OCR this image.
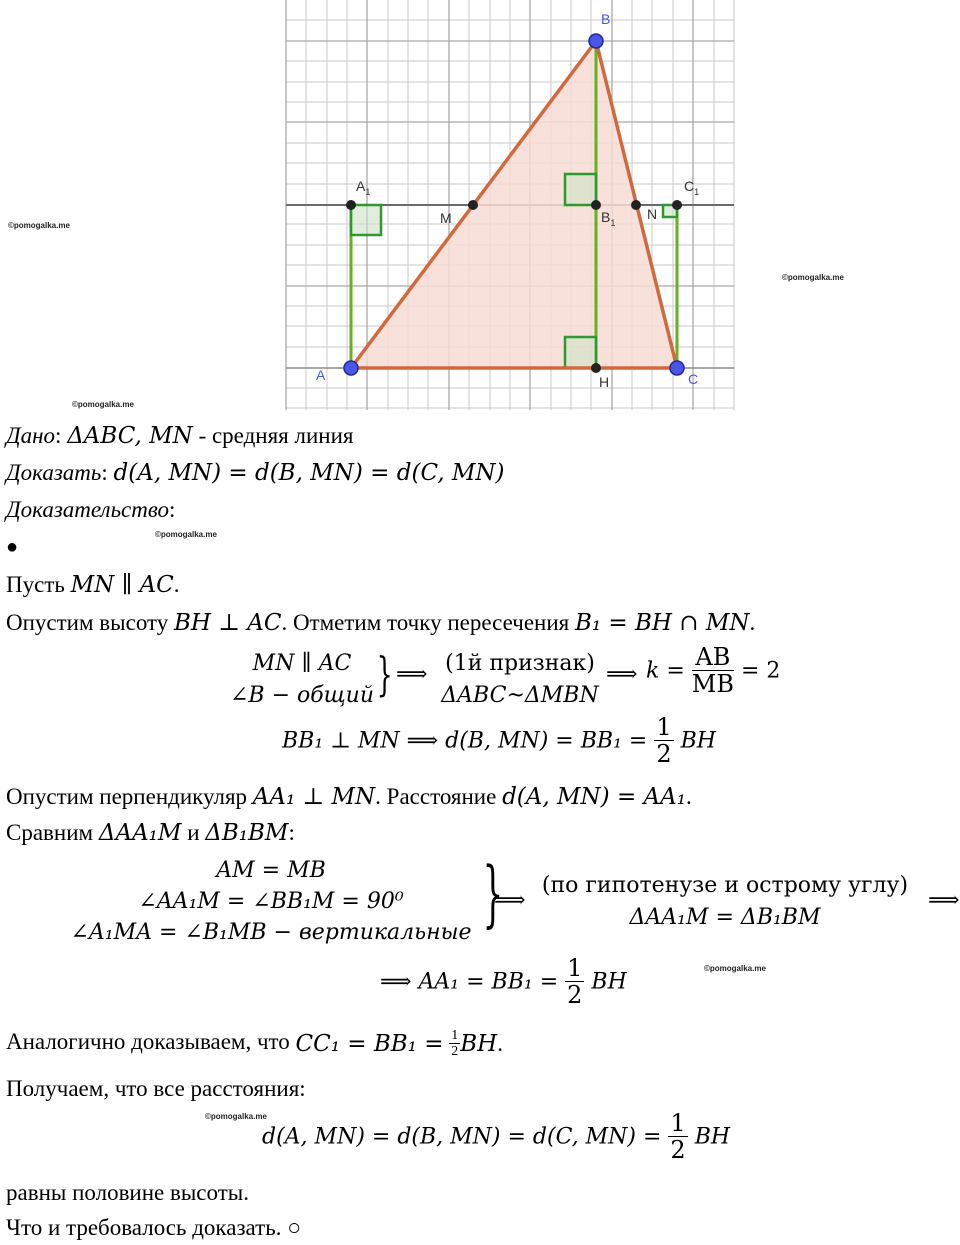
B
A	C
H
M	N
$A_1$
$B_1$
$C_1$
©pomogalka.me
©pomogalka.me
©pomogalka.me
©pomogalka.me
©pomogalka.me
©pomogalka.me
Дано: ΔABC, MN - средняя линия
Доказать: d(A, MN) = d(B, MN) = d(C, MN)
Доказательство:
●
Пусть MN ∥ AC.
Опустим высоту BH ⊥ AC. Отметим точку пересечения B₁ = BH ∩ MN.
MN ∥ AC
∠B − общий } ⟹ (1й признак)
ΔABC~ΔMBN
⟹ $k = \frac{AB}{MB} = 2$
BB₁ ⊥ MN ⟹ d(B, $MN) = BB_1 = \frac{1}{2}$ BH
Опустим перпендикуляр AA₁ ⊥ MN. Расстояние d(A, MN) = AA₁.
Сравним ΔAA₁M и ΔB₁BM:
AM = MB
∠AA₁M = ∠BB₁M = 90⁰
∠A₁MA = ∠B₁MB − вертикальные }
⟹
(по гипотенузе и острому углу)
ΔAA₁M = ΔB₁BM
⟹
⟹ $AA_1 = BB_1 = \frac{1}{2}$ BH
Аналогично доказываем, что $CC_1 = BB_1 = \frac{1}{2}$ BH.
Получаем, что все расстояния:
d(A, MN) = d(B, MN) = d(C, $MN) = \frac{1}{2}$ BH
равны половине высоты.
Что и требовалось доказать. ○
